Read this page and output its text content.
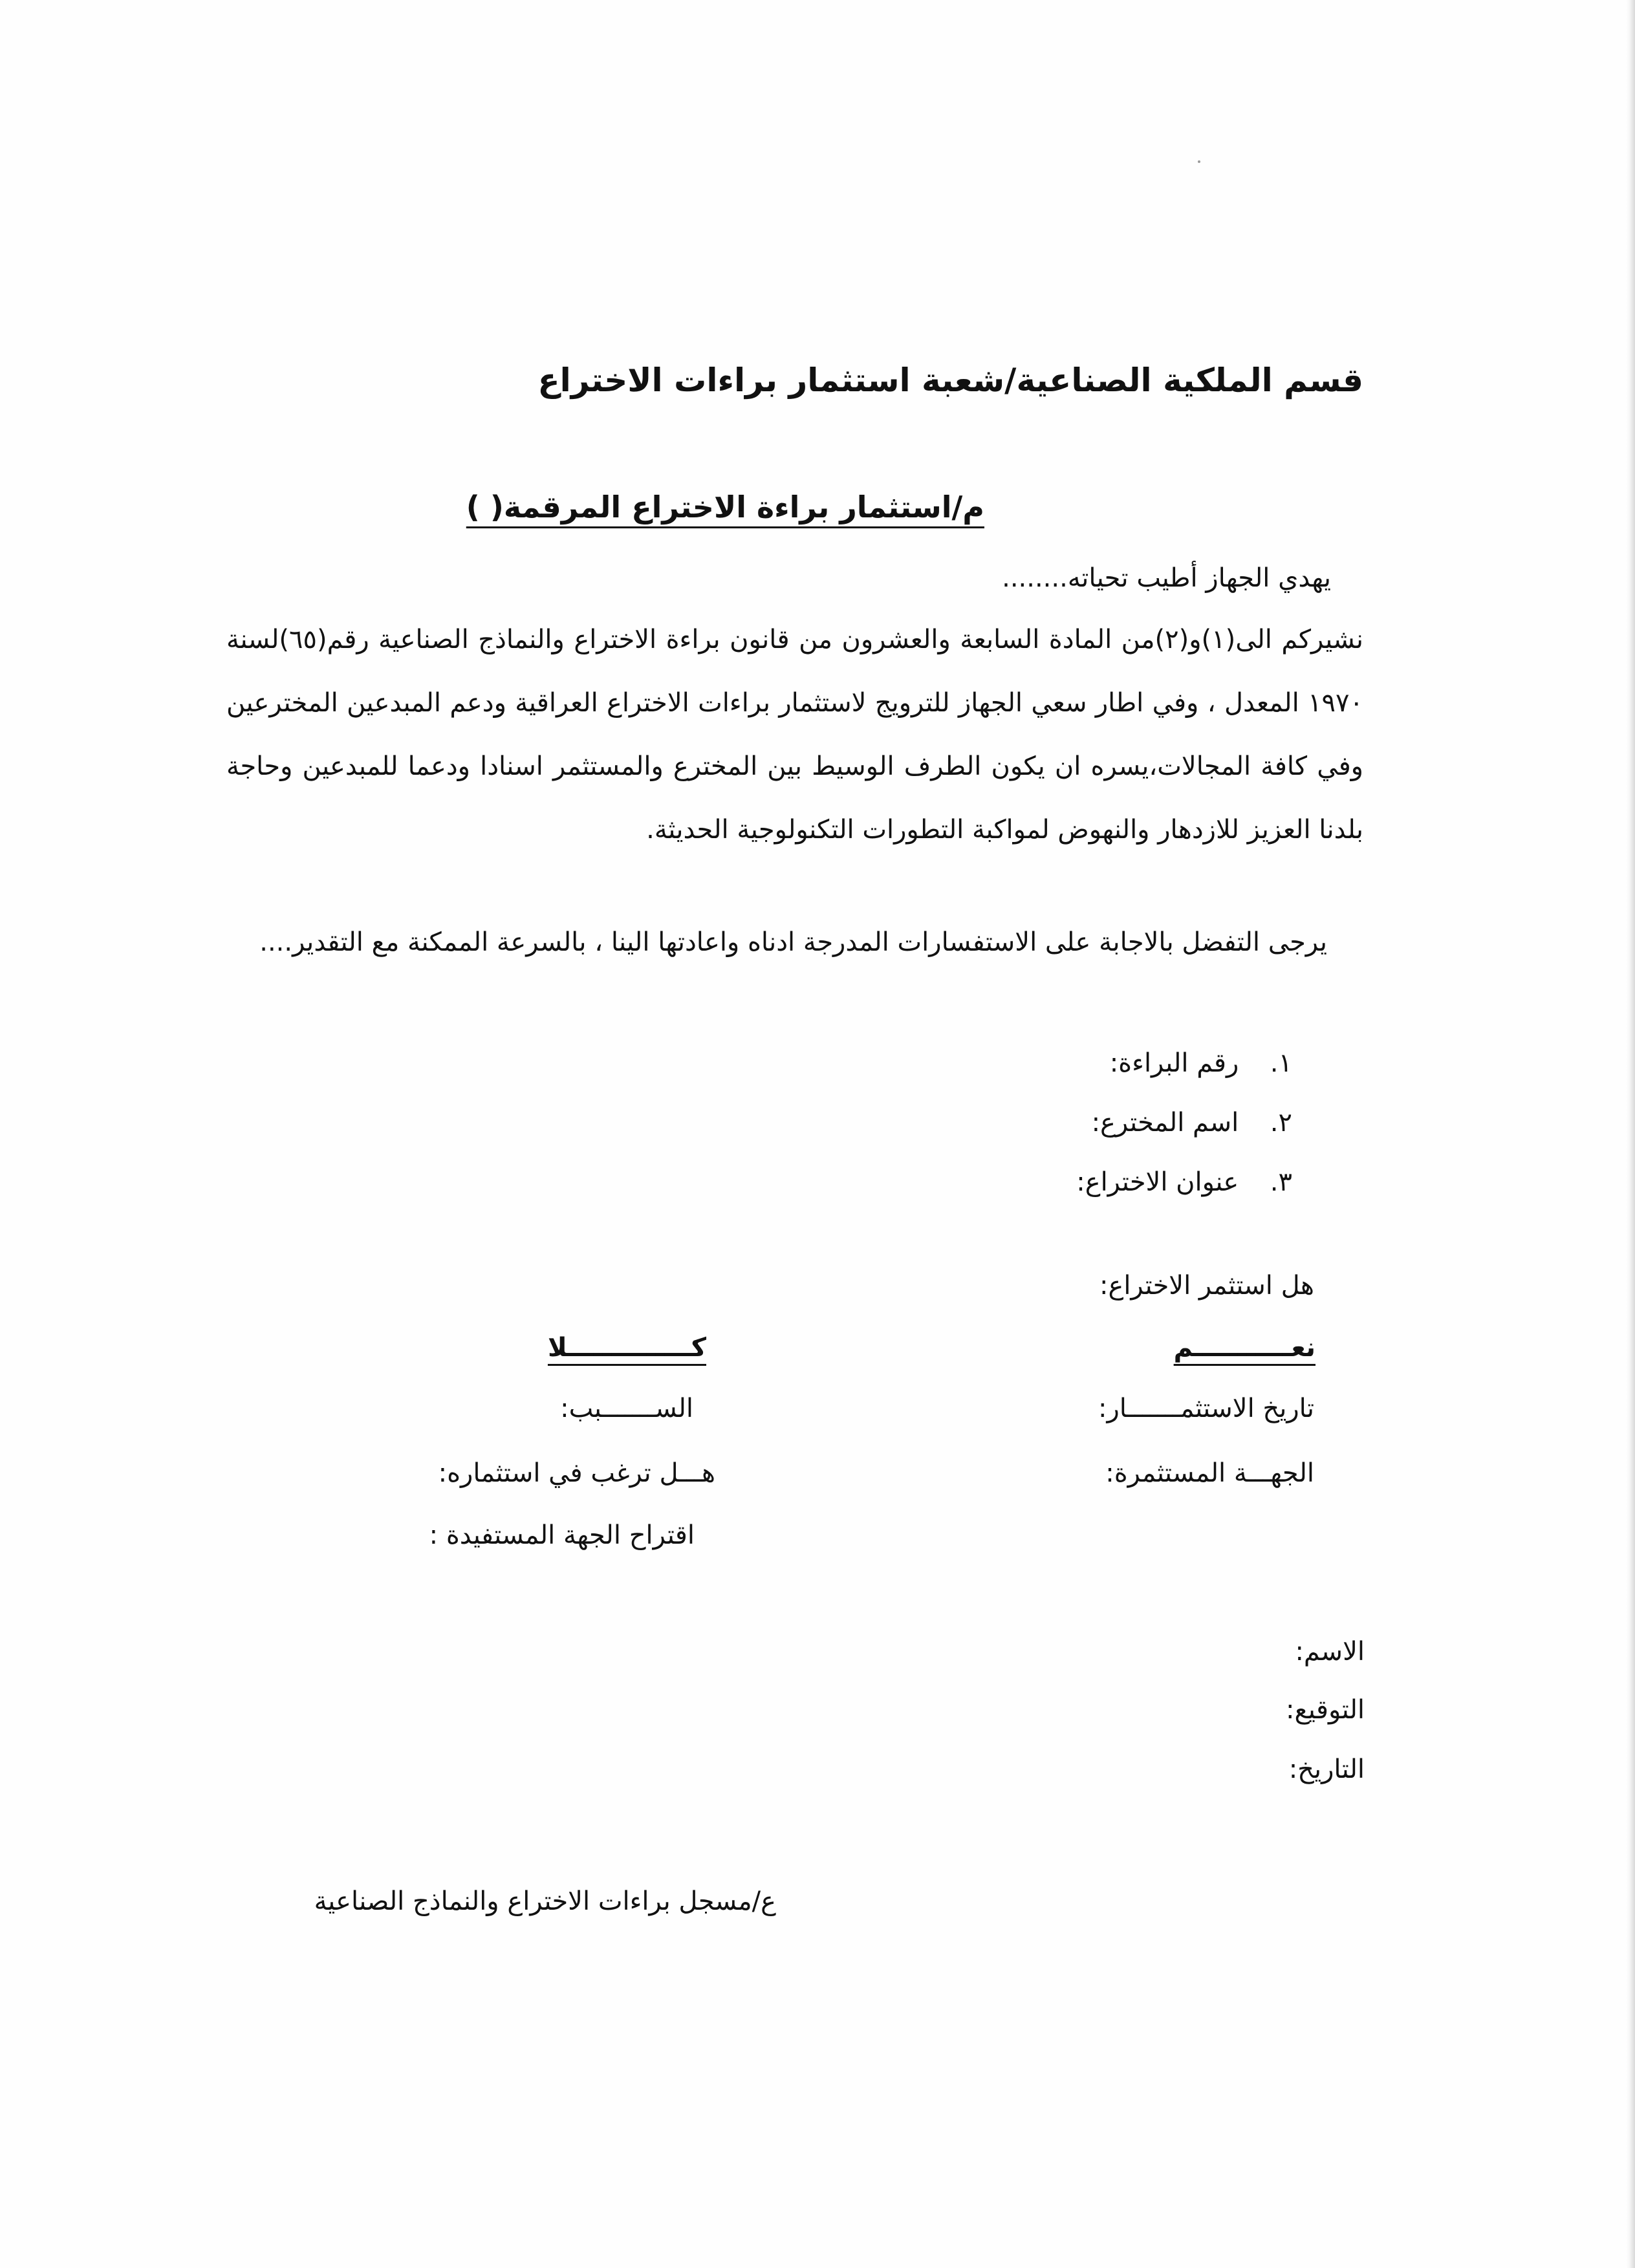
قسم الملكية الصناعية/شعبة استثمار براءات الاختراع
م/استثمار براءة الاختراع المرقمة( )
يهدي الجهاز أطيب تحياته........

نشيركم الى(١)و(٢)من المادة السابعة والعشرون من قانون براءة الاختراع والنماذج الصناعية رقم(٦٥)لسنة ١٩٧٠ المعدل ، وفي اطار سعي الجهاز للترويج لاستثمار براءات الاختراع العراقية ودعم المبدعين المخترعين وفي كافة المجالات،يسره ان يكون الطرف الوسيط بين المخترع والمستثمر اسنادا ودعما للمبدعين وحاجة بلدنا العزيز للازدهار والنهوض لمواكبة التطورات التكنولوجية الحديثة.

يرجى التفضل بالاجابة على الاستفسارات المدرجة ادناه واعادتها الينا ، بالسرعة الممكنة مع التقدير....

١. رقم البراءة:
٢. اسم المخترع:
٣. عنوان الاختراع:
هل استثمر الاختراع:
نعـــــــــــم
كــــــــــــــلا
تاريخ الاستثمـــــــار:
الجهـــة المستثمرة:
الســـــــبب:
هـــل ترغب في استثماره:
اقتراح الجهة المستفيدة :
الاسم:
التوقيع:
التاريخ:
ع/مسجل براءات الاختراع والنماذج الصناعية
